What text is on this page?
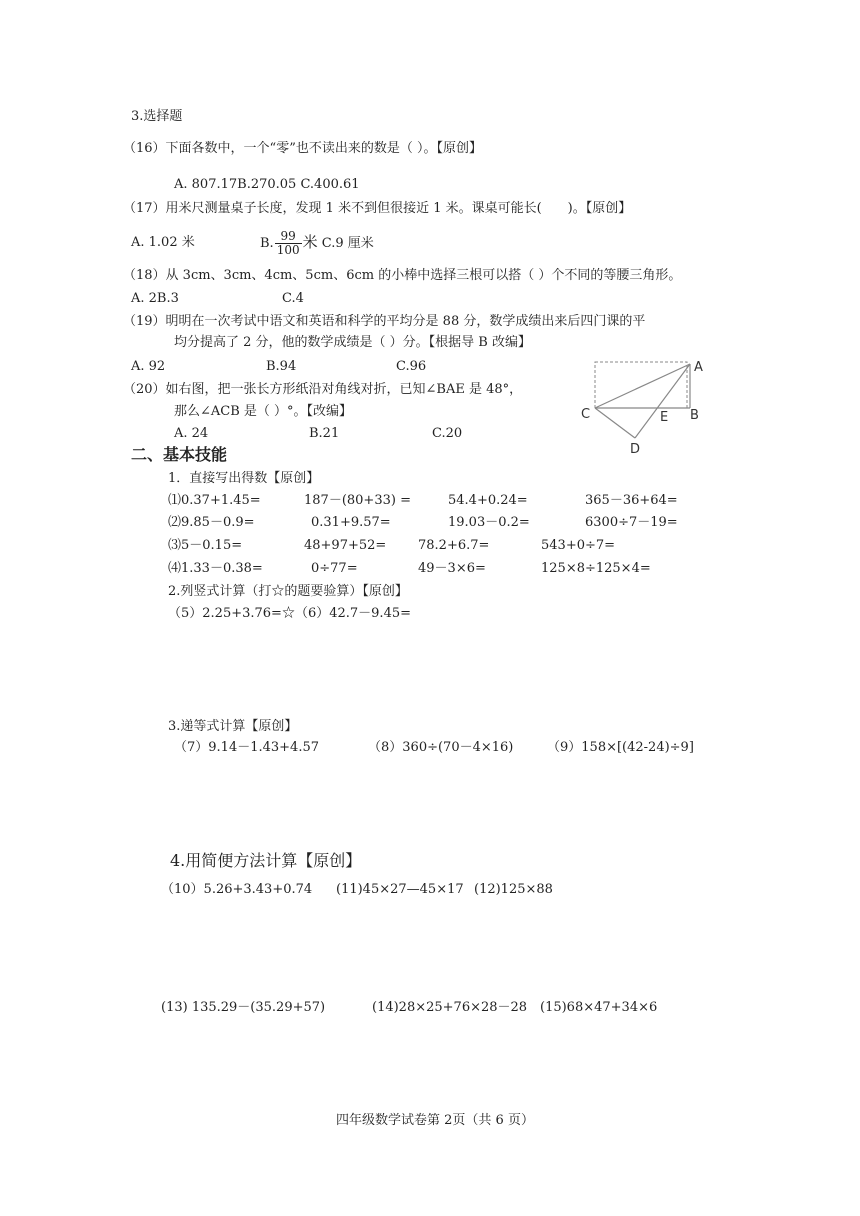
3.选择题
（16）下面各数中，一个“零”也不读出来的数是（ ）。【原创】
A. 807.17B.270.05 C.400.61
（17）用米尺测量桌子长度，发现 1 米不到但很接近 1 米。课桌可能长(　　)。【原创】
A. 1.02 米	B. $\frac{99}{100}$ 米 C.9 厘米
（18）从 3cm、3cm、4cm、5cm、6cm 的小棒中选择三根可以搭（ ）个不同的等腰三角形。
A. 2B.3	C.4
（19）明明在一次考试中语文和英语和科学的平均分是 88 分，数学成绩出来后四门课的平
均分提高了 2 分，他的数学成绩是（ ）分。【根据导 B 改编】
A. 92	B.94	C.96
（20）如右图，把一张长方形纸沿对角线对折，已知∠BAE 是 48°，
那么∠ACB 是（ ）°。【改编】
A. 24	B.21	C.20
A
B
C
D
E
二、基本技能
1．直接写出得数【原创】
⑴0.37+1.45=	187－(80+33) =	54.4+0.24=	365－36+64=
⑵9.85－0.9=	0.31+9.57=	19.03－0.2=	6300÷7－19=
⑶5－0.15=	48+97+52= 78.2+6.7=	543+0÷7=
⑷1.33－0.38=	0÷77=	49－3×6=	125×8÷125×4=
2.列竖式计算（打☆的题要验算）【原创】
（5）2.25+3.76=☆（6）42.7－9.45=
3.递等式计算【原创】
（7）9.14－1.43+4.57	（8）360÷(70－4×16)	（9）158×[(42-24)÷9]
4.用简便方法计算【原创】
（10）5.26+3.43+0.74 (11)45×27—45×17 (12)125×88
(13) 135.29－(35.29+57)	(14)28×25+76×28－28 (15)68×47+34×6
四年级数学试卷第 2页（共 6 页）
